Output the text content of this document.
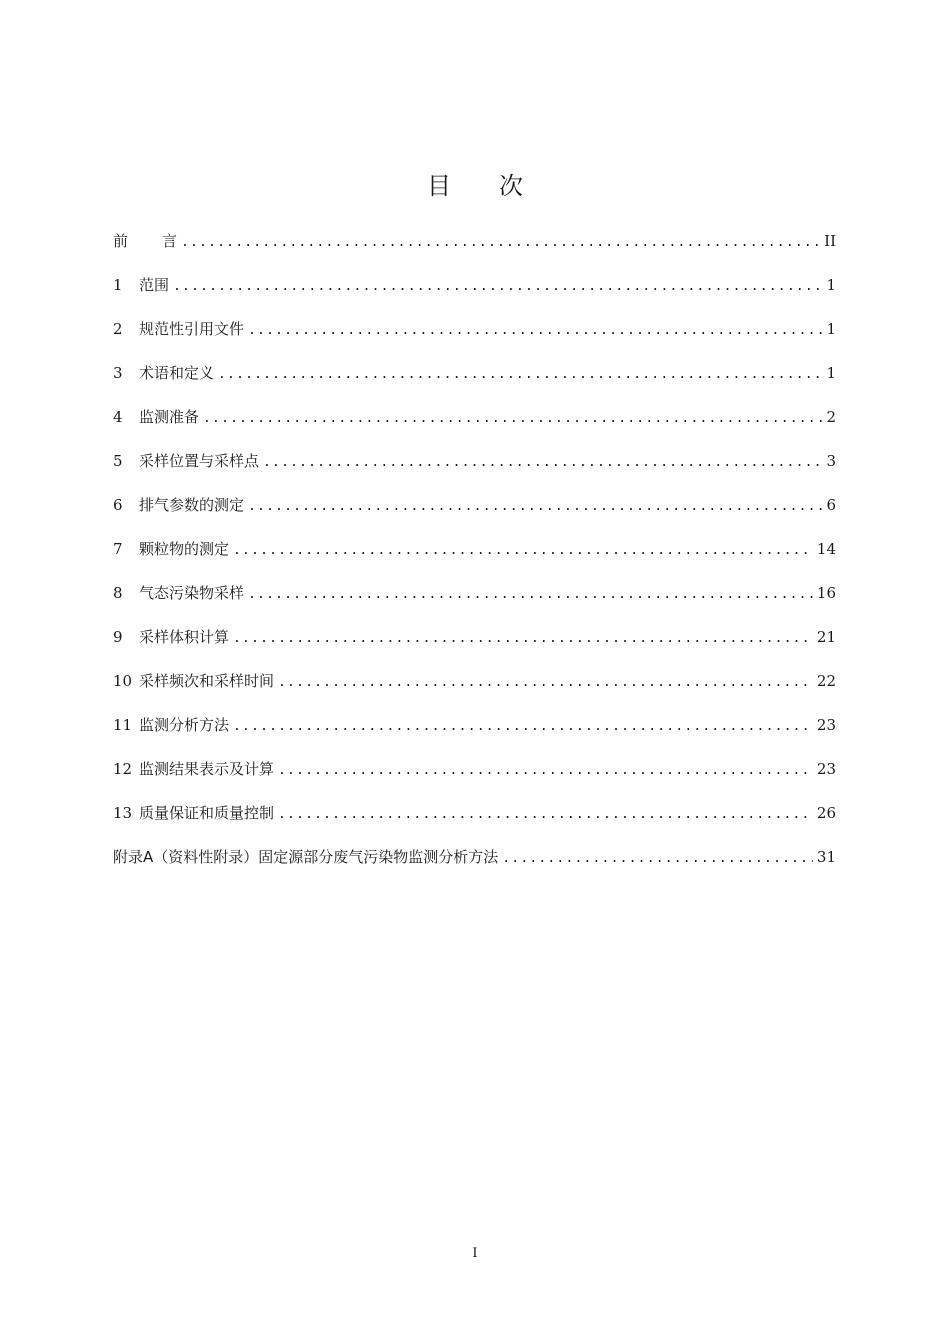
目 次
前 言 .....	II
1 范围 .....	1
2 规范性引用文件 .....	1
3 术语和定义 .....	1
4 监测准备 .....	2
5 采样位置与采样点 .....	3
6 排气参数的测定 .....	6
7 颗粒物的测定 .....	14
8 气态污染物采样 .....	16
9 采样体积计算 .....	21
10 采样频次和采样时间 .....	22
11 监测分析方法 .....	23
12 监测结果表示及计算 .....	23
13 质量保证和质量控制 .....	26
附录A（资料性附录）固定源部分废气污染物监测分析方法 .....	31
I
